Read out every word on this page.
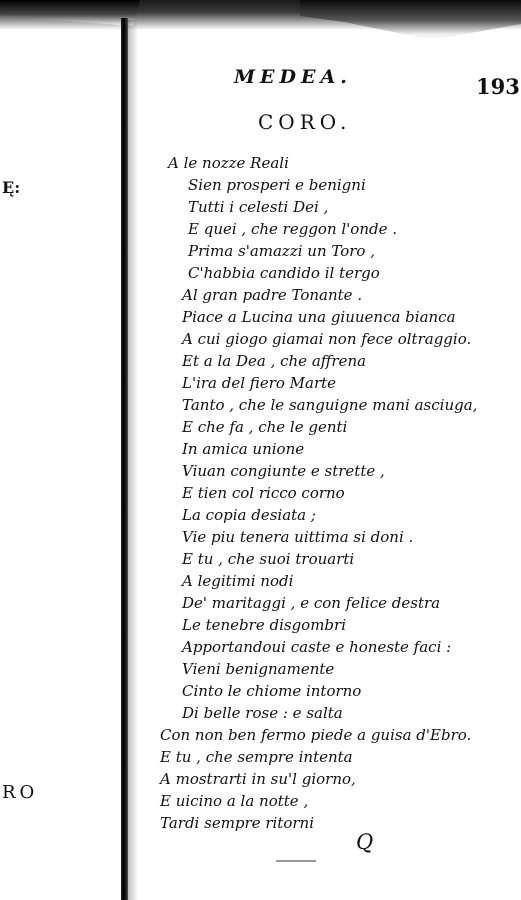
Ę:
RO
MEDEA.	193
CORO.
A le nozze Reali
Sien prosperi e benigni
Tutti i celesti Dei ,
E quei , che reggon l'onde .
Prima s'amazzi un Toro ,
C'habbia candido il tergo
Al gran padre Tonante .
Piace a Lucina una giuuenca bianca
A cui giogo giamai non fece oltraggio.
Et a la Dea , che affrena
L'ira del fiero Marte
Tanto , che le sanguigne mani asciuga,
E che fa , che le genti
In amica unione
Viuan congiunte e strette ,
E tien col ricco corno
La copia desiata ;
Vie piu tenera uittima si doni .
E tu , che suoi trouarti
A legitimi nodi
De' maritaggi , e con felice destra
Le tenebre disgombri
Apportandoui caste e honeste faci :
Vieni benignamente
Cinto le chiome intorno
Di belle rose : e salta
Con non ben fermo piede a guisa d'Ebro.
E tu , che sempre intenta
A mostrarti in su'l giorno,
E uicino a la notte ,
Tardi sempre ritorni
Q
